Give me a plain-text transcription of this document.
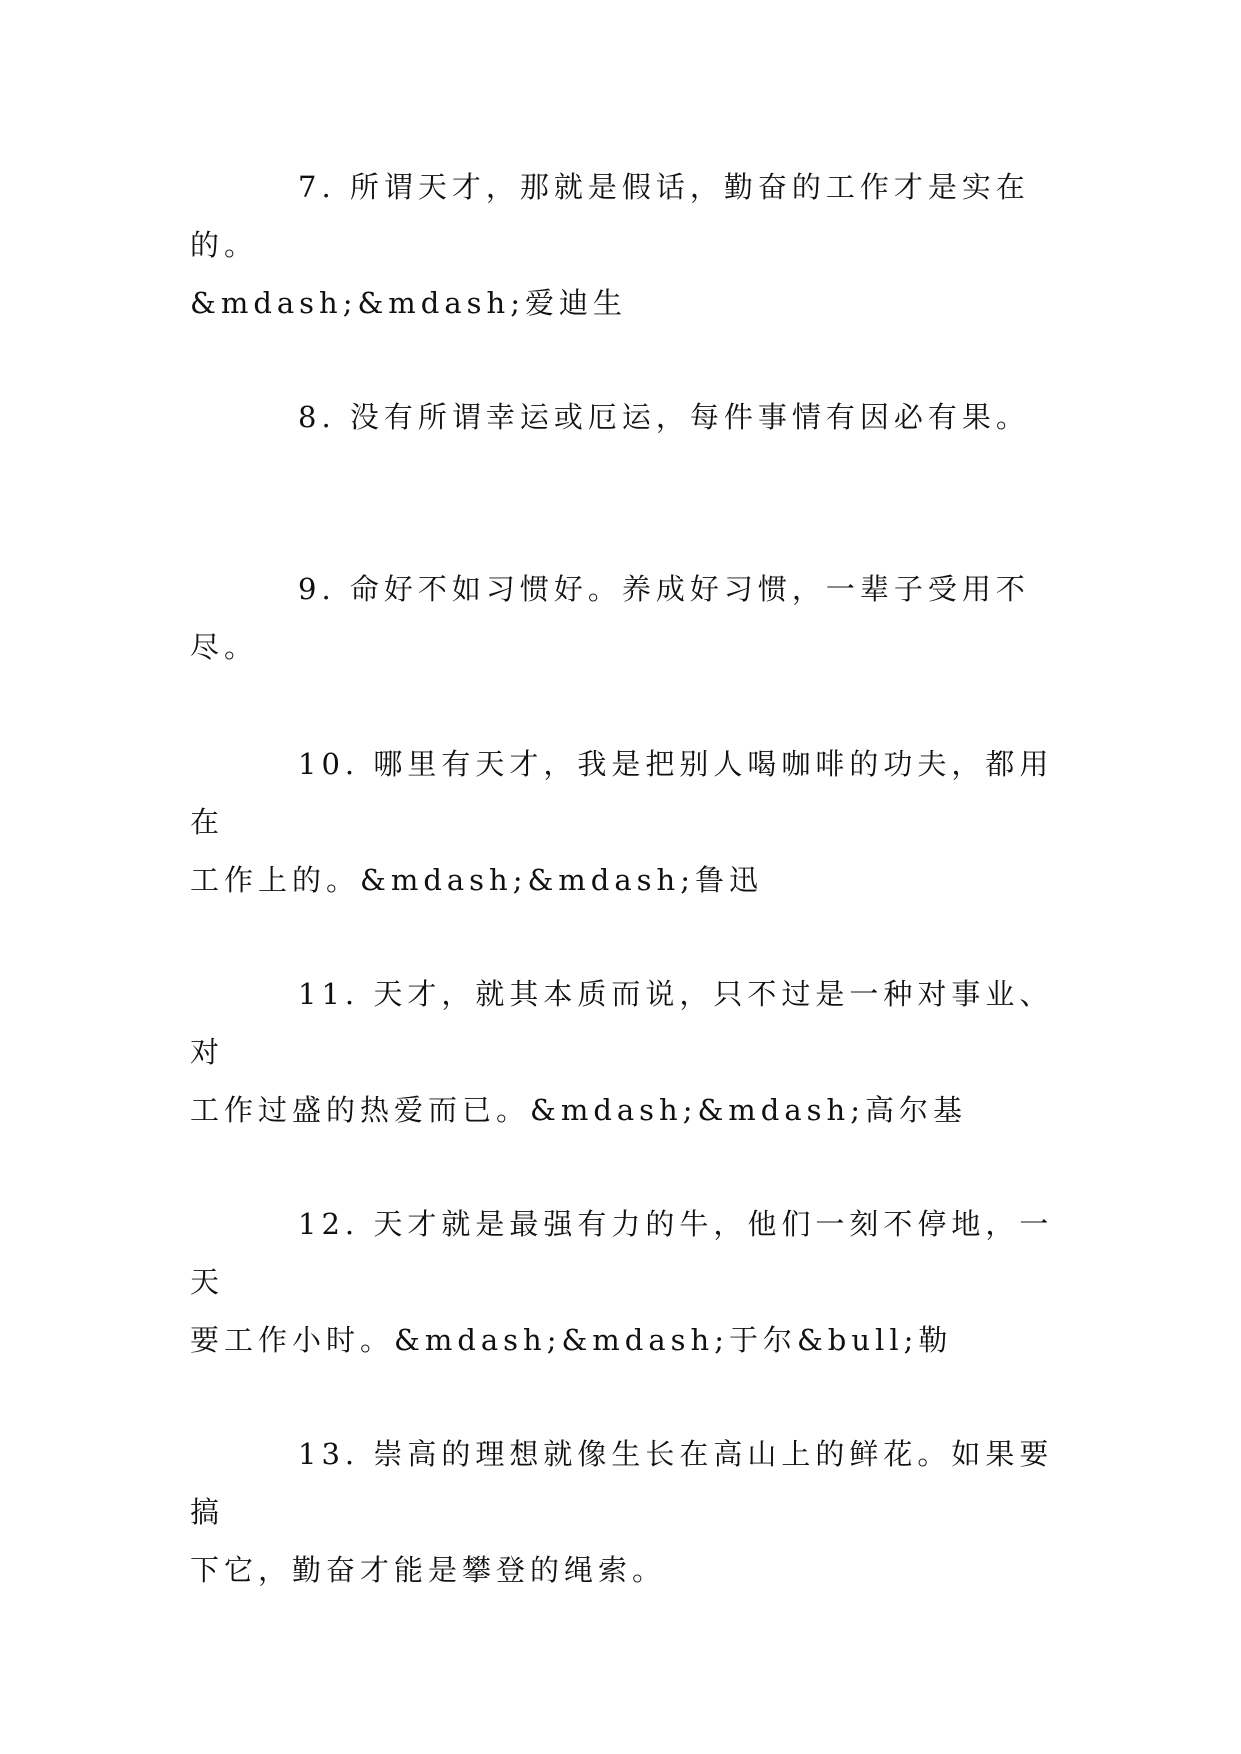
7. 所谓天才，那就是假话，勤奋的工作才是实在的。
&mdash;&mdash;爱迪生

8. 没有所谓幸运或厄运，每件事情有因必有果。

9. 命好不如习惯好。养成好习惯，一辈子受用不尽。

10. 哪里有天才，我是把别人喝咖啡的功夫，都用在
工作上的。&mdash;&mdash;鲁迅

11. 天才，就其本质而说，只不过是一种对事业、对
工作过盛的热爱而已。&mdash;&mdash;高尔基

12. 天才就是最强有力的牛，他们一刻不停地，一天
要工作小时。&mdash;&mdash;于尔&bull;勒

13. 崇高的理想就像生长在高山上的鲜花。如果要搞
下它，勤奋才能是攀登的绳索。
